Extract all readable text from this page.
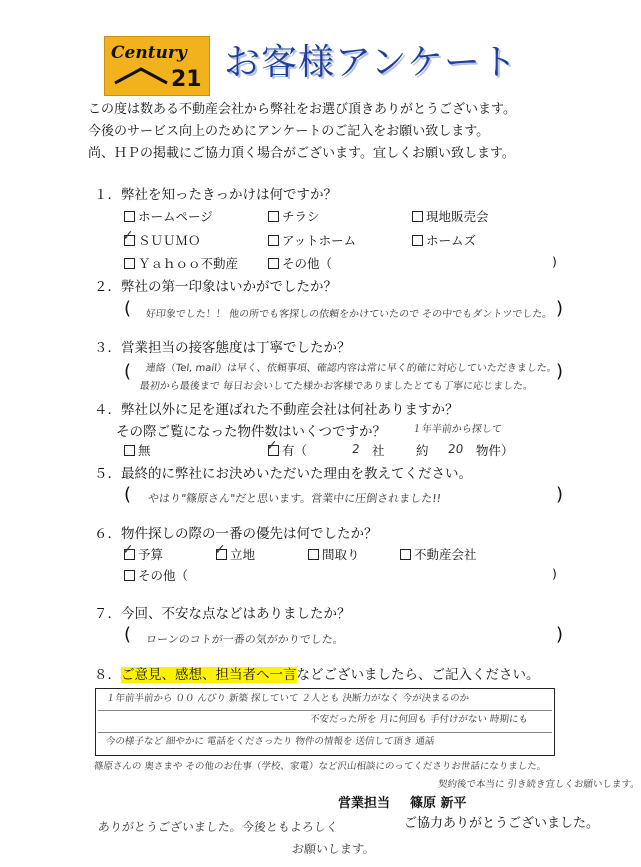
Century
21 お客様アンケート
この度は数ある不動産会社から弊社をお選び頂きありがとうございます。
今後のサービス向上のためにアンケートのご記入をお願い致します。
尚、ＨＰの掲載にご協力頂く場合がございます。宜しくお願い致します。
１．弊社を知ったきっかけは何ですか？
ホームページ	チラシ	現地販売会
✓ ＳＵＵＭＯ	アットホーム	ホームズ
Ｙａｈｏｏ不動産	その他（	)
２．弊社の第一印象はいかがでしたか？
( 好印象でした！！ 他の所でも客探しの依頼をかけていたので その中でもダントツでした。 )
３．営業担当の接客態度は丁寧でしたか？
( 連絡（Tel, mail）は早く、依頼事項、確認内容は常に早く的確に対応していただきました。
最初から最後まで 毎日お会いしてた様かお客様でありましたとても丁寧に応じました。
)
４．弊社以外に足を運ばれた不動産会社は何社ありますか？
１年半前から探して
その際ご覧になった物件数はいくつですか？
無	✓ 有（	2 社	約 20 物件）
５．最終的に弊社にお決めいただいた理由を教えてください。
( やはり"篠原さん"だと思います。営業中に圧倒されました!!	)
６．物件探しの際の一番の優先は何でしたか？
✓ 予算	✓ 立地	間取り	不動産会社
その他（	)
７．今回、不安な点などはありましたか？
( ローンのコトが一番の気がかりでした。	)
８．ご意見、感想、担当者へ一言などございましたら、ご記入ください。
１年前半前から ００ んびり 新築 探していて ２人とも 決断力がなく 今が決まるのか
不安だった所を 月に何回も 手付けがない 時期にも
今の様子など 細やかに 電話をくださったり 物件の情報を 送信して頂き 通話
篠原さんの 奥さまや その他のお仕事（学校、家電）など沢山相談にのってくださりお世話になりました。
契約後で本当に 引き続き宜しくお願いします。
営業担当 篠原 新平
ご協力ありがとうございました。
ありがとうございました。今後ともよろしく
お願いします。
